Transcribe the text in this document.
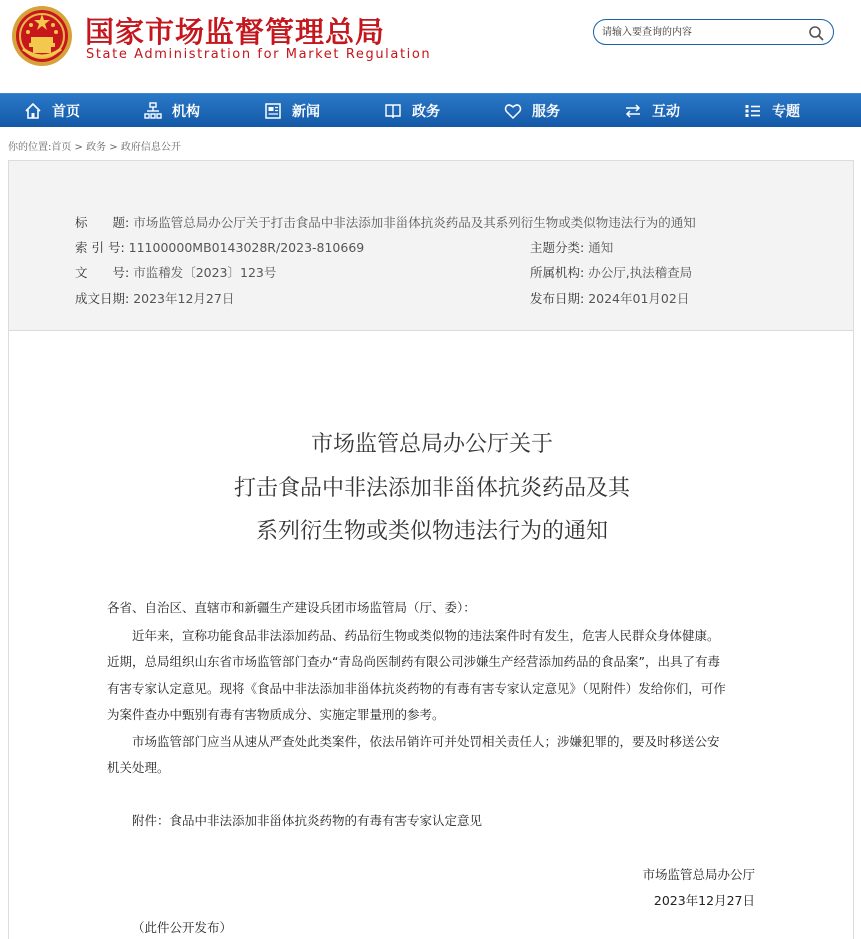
国家市场监督管理总局
State Administration for Market Regulation
请输入要查询的内容
首页	机构	新闻	政务	服务	互动	专题
你的位置:首页 > 政务 > 政府信息公开
标　　题: 市场监管总局办公厅关于打击食品中非法添加非甾体抗炎药品及其系列衍生物或类似物违法行为的通知
索 引 号: 11100000MB0143028R/2023-810669	主题分类: 通知
文　　号: 市监稽发〔2023〕123号	所属机构: 办公厅,执法稽查局
成文日期: 2023年12月27日	发布日期: 2024年01月02日
市场监管总局办公厅关于
打击食品中非法添加非甾体抗炎药品及其
系列衍生物或类似物违法行为的通知
各省、自治区、直辖市和新疆生产建设兵团市场监管局（厅、委）：
近年来，宣称功能食品非法添加药品、药品衍生物或类似物的违法案件时有发生，危害人民群众身体健康。
近期，总局组织山东省市场监管部门查办“青岛尚医制药有限公司涉嫌生产经营添加药品的食品案”，出具了有毒
有害专家认定意见。现将《食品中非法添加非甾体抗炎药物的有毒有害专家认定意见》（见附件）发给你们，可作
为案件查办中甄别有毒有害物质成分、实施定罪量刑的参考。
市场监管部门应当从速从严查处此类案件，依法吊销许可并处罚相关责任人；涉嫌犯罪的，要及时移送公安
机关处理。
附件：食品中非法添加非甾体抗炎药物的有毒有害专家认定意见
市场监管总局办公厅
2023年12月27日
（此件公开发布）
